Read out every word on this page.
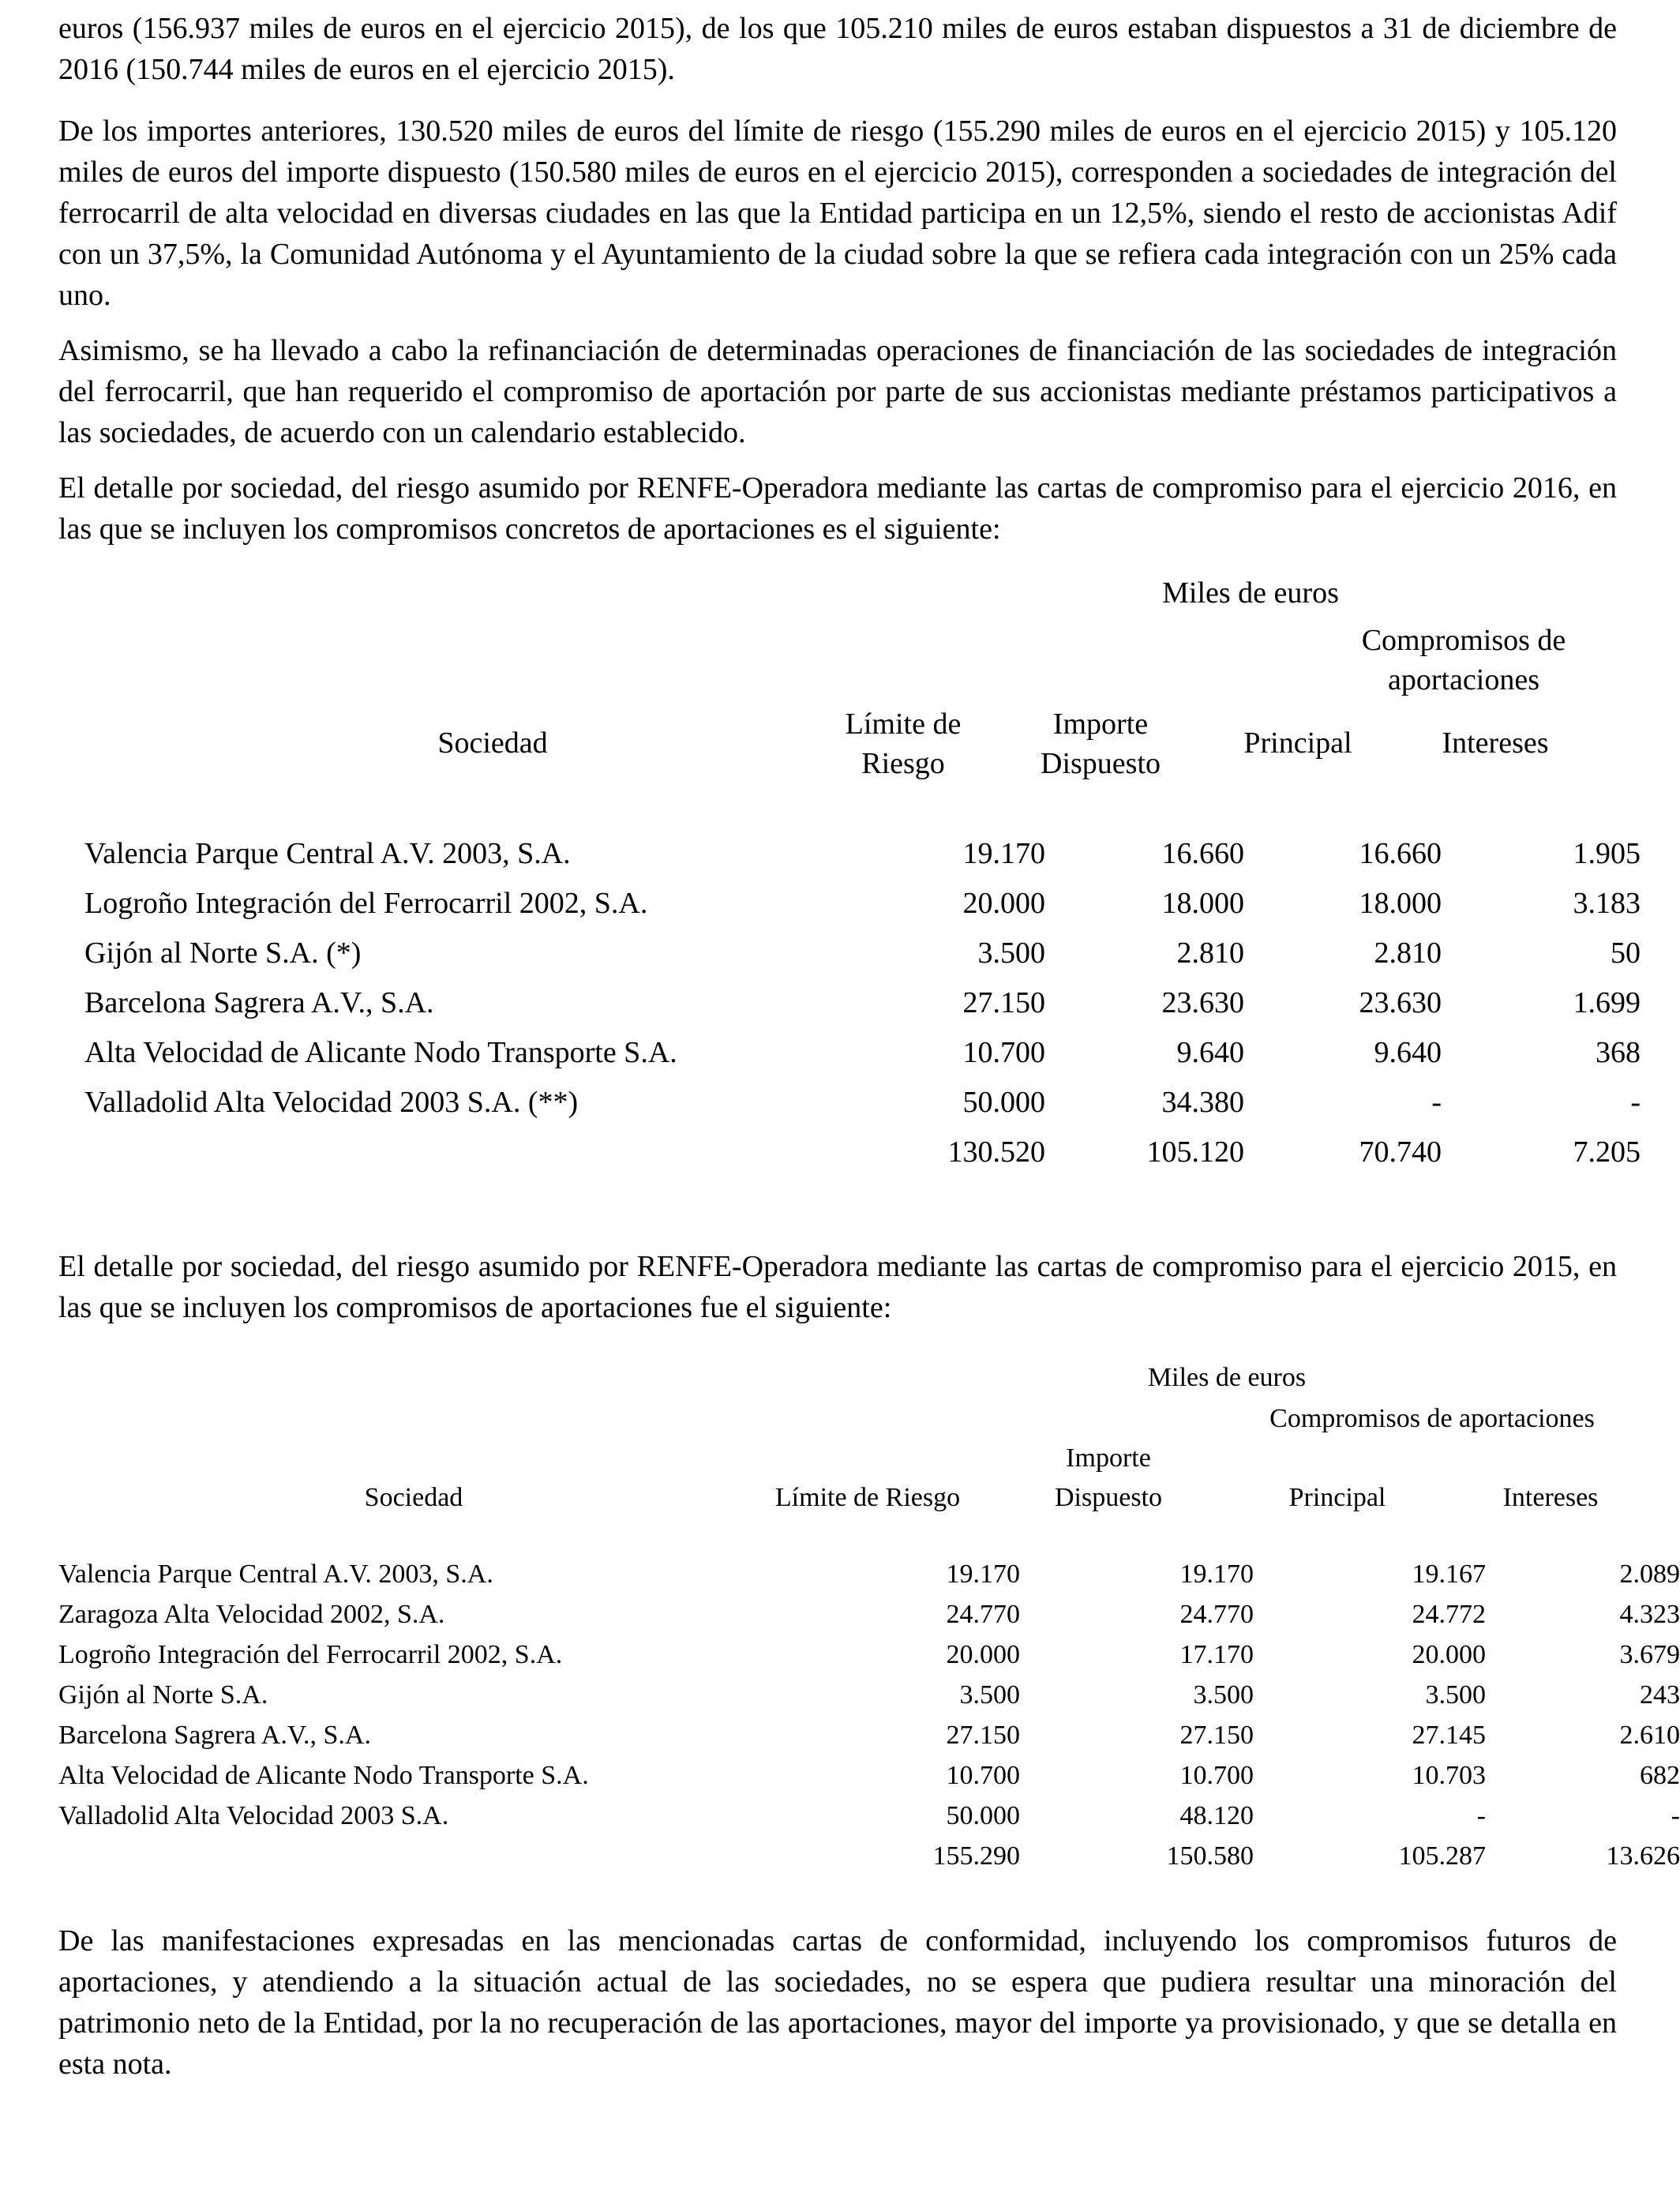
euros (156.937 miles de euros en el ejercicio 2015), de los que 105.210 miles de euros estaban dispuestos a 31 de diciembre de 2016 (150.744 miles de euros en el ejercicio 2015).

De los importes anteriores, 130.520 miles de euros del límite de riesgo (155.290 miles de euros en el ejercicio 2015) y 105.120 miles de euros del importe dispuesto (150.580 miles de euros en el ejercicio 2015), corresponden a sociedades de integración del ferrocarril de alta velocidad en diversas ciudades en las que la Entidad participa en un 12,5%, siendo el resto de accionistas Adif con un 37,5%, la Comunidad Autónoma y el Ayuntamiento de la ciudad sobre la que se refiera cada integración con un 25% cada uno.

Asimismo, se ha llevado a cabo la refinanciación de determinadas operaciones de financiación de las sociedades de integración del ferrocarril, que han requerido el compromiso de aportación por parte de sus accionistas mediante préstamos participativos a las sociedades, de acuerdo con un calendario establecido.

El detalle por sociedad, del riesgo asumido por RENFE-Operadora mediante las cartas de compromiso para el ejercicio 2016, en las que se incluyen los compromisos concretos de aportaciones es el siguiente:

Miles de euros
Compromisos de
aportaciones
Sociedad
Límite de
Riesgo
Importe
Dispuesto
Principal	Intereses
Valencia Parque Central A.V. 2003, S.A.	19.170	16.660	16.660	1.905
Logroño Integración del Ferrocarril 2002, S.A.	20.000	18.000	18.000	3.183
Gijón al Norte S.A. (*)	3.500	2.810	2.810	50
Barcelona Sagrera A.V., S.A.	27.150	23.630	23.630	1.699
Alta Velocidad de Alicante Nodo Transporte S.A.	10.700	9.640	9.640	368
Valladolid Alta Velocidad 2003 S.A. (**)	50.000	34.380	-	-
130.520	105.120	70.740	7.205

El detalle por sociedad, del riesgo asumido por RENFE-Operadora mediante las cartas de compromiso para el ejercicio 2015, en las que se incluyen los compromisos de aportaciones fue el siguiente:

Miles de euros
Compromisos de aportaciones
Sociedad	Límite de Riesgo
Importe
Dispuesto	Principal	Intereses
Valencia Parque Central A.V. 2003, S.A.	19.170	19.170	19.167	2.089
Zaragoza Alta Velocidad 2002, S.A.	24.770	24.770	24.772	4.323
Logroño Integración del Ferrocarril 2002, S.A.	20.000	17.170	20.000	3.679
Gijón al Norte S.A.	3.500	3.500	3.500	243
Barcelona Sagrera A.V., S.A.	27.150	27.150	27.145	2.610
Alta Velocidad de Alicante Nodo Transporte S.A.	10.700	10.700	10.703	682
Valladolid Alta Velocidad 2003 S.A.	50.000	48.120	-	-
155.290	150.580	105.287	13.626

De las manifestaciones expresadas en las mencionadas cartas de conformidad, incluyendo los compromisos futuros de aportaciones, y atendiendo a la situación actual de las sociedades, no se espera que pudiera resultar una minoración del patrimonio neto de la Entidad, por la no recuperación de las aportaciones, mayor del importe ya provisionado, y que se detalla en esta nota.
